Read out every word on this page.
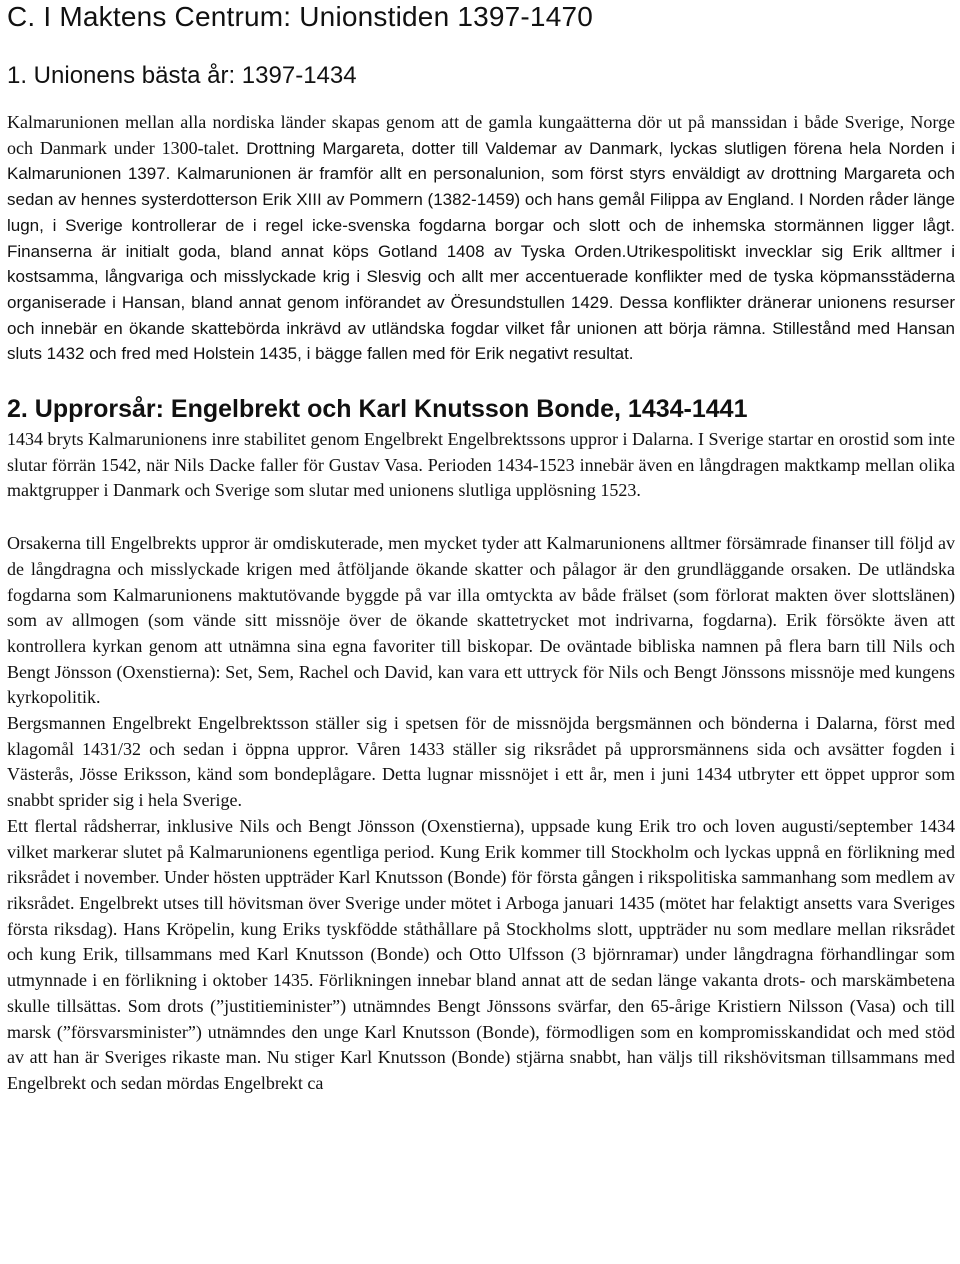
C. I Maktens Centrum: Unionstiden 1397-1470
1. Unionens bästa år: 1397-1434

Kalmarunionen mellan alla nordiska länder skapas genom att de gamla kungaätterna dör ut på manssidan i både Sverige, Norge och Danmark under 1300-talet. Drottning Margareta, dotter till Valdemar av Danmark, lyckas slutligen förena hela Norden i Kalmarunionen 1397. Kalmarunionen är framför allt en personalunion, som först styrs enväldigt av drottning Margareta och sedan av hennes systerdotterson Erik XIII av Pommern (1382-1459) och hans gemål Filippa av England. I Norden råder länge lugn, i Sverige kontrollerar de i regel icke-svenska fogdarna borgar och slott och de inhemska stormännen ligger lågt. Finanserna är initialt goda, bland annat köps Gotland 1408 av Tyska Orden.Utrikespolitiskt invecklar sig Erik alltmer i kostsamma, långvariga och misslyckade krig i Slesvig och allt mer accentuerade konflikter med de tyska köpmansstäderna organiserade i Hansan, bland annat genom införandet av Öresundstullen 1429. Dessa konflikter dränerar unionens resurser och innebär en ökande skattebörda inkrävd av utländska fogdar vilket får unionen att börja rämna. Stillestånd med Hansan sluts 1432 och fred med Holstein 1435, i bägge fallen med för Erik negativt resultat.

2. Upprorsår: Engelbrekt och Karl Knutsson Bonde, 1434-1441

1434 bryts Kalmarunionens inre stabilitet genom Engelbrekt Engelbrektssons uppror i Dalarna. I Sverige startar en orostid som inte slutar förrän 1542, när Nils Dacke faller för Gustav Vasa. Perioden 1434-1523 innebär även en långdragen maktkamp mellan olika maktgrupper i Danmark och Sverige som slutar med unionens slutliga upplösning 1523.

Orsakerna till Engelbrekts uppror är omdiskuterade, men mycket tyder att Kalmarunionens alltmer försämrade finanser till följd av de långdragna och misslyckade krigen med åtföljande ökande skatter och pålagor är den grundläggande orsaken. De utländska fogdarna som Kalmarunionens maktutövande byggde på var illa omtyckta av både frälset (som förlorat makten över slottslänen) som av allmogen (som vände sitt missnöje över de ökande skattetrycket mot indrivarna, fogdarna). Erik försökte även att kontrollera kyrkan genom att utnämna sina egna favoriter till biskopar. De oväntade bibliska namnen på flera barn till Nils och Bengt Jönsson (Oxenstierna): Set, Sem, Rachel och David, kan vara ett uttryck för Nils och Bengt Jönssons missnöje med kungens kyrkopolitik.

Bergsmannen Engelbrekt Engelbrektsson ställer sig i spetsen för de missnöjda bergsmännen och bönderna i Dalarna, först med klagomål 1431/32 och sedan i öppna uppror. Våren 1433 ställer sig riksrådet på upprorsmännens sida och avsätter fogden i Västerås, Jösse Eriksson, känd som bondeplågare. Detta lugnar missnöjet i ett år, men i juni 1434 utbryter ett öppet uppror som snabbt sprider sig i hela Sverige.

Ett flertal rådsherrar, inklusive Nils och Bengt Jönsson (Oxenstierna), uppsade kung Erik tro och loven augusti/september 1434 vilket markerar slutet på Kalmarunionens egentliga period. Kung Erik kommer till Stockholm och lyckas uppnå en förlikning med riksrådet i november. Under hösten uppträder Karl Knutsson (Bonde) för första gången i rikspolitiska sammanhang som medlem av riksrådet. Engelbrekt utses till hövitsman över Sverige under mötet i Arboga januari 1435 (mötet har felaktigt ansetts vara Sveriges första riksdag). Hans Kröpelin, kung Eriks tyskfödde ståthållare på Stockholms slott, uppträder nu som medlare mellan riksrådet och kung Erik, tillsammans med Karl Knutsson (Bonde) och Otto Ulfsson (3 björnramar) under långdragna förhandlingar som utmynnade i en förlikning i oktober 1435. Förlikningen innebar bland annat att de sedan länge vakanta drots- och marskämbetena skulle tillsättas. Som drots (”justitieminister”) utnämndes Bengt Jönssons svärfar, den 65-årige Kristiern Nilsson (Vasa) och till marsk (”försvarsminister”) utnämndes den unge Karl Knutsson (Bonde), förmodligen som en kompromisskandidat och med stöd av att han är Sveriges rikaste man. Nu stiger Karl Knutsson (Bonde) stjärna snabbt, han väljs till rikshövitsman tillsammans med Engelbrekt och sedan mördas Engelbrekt ca
